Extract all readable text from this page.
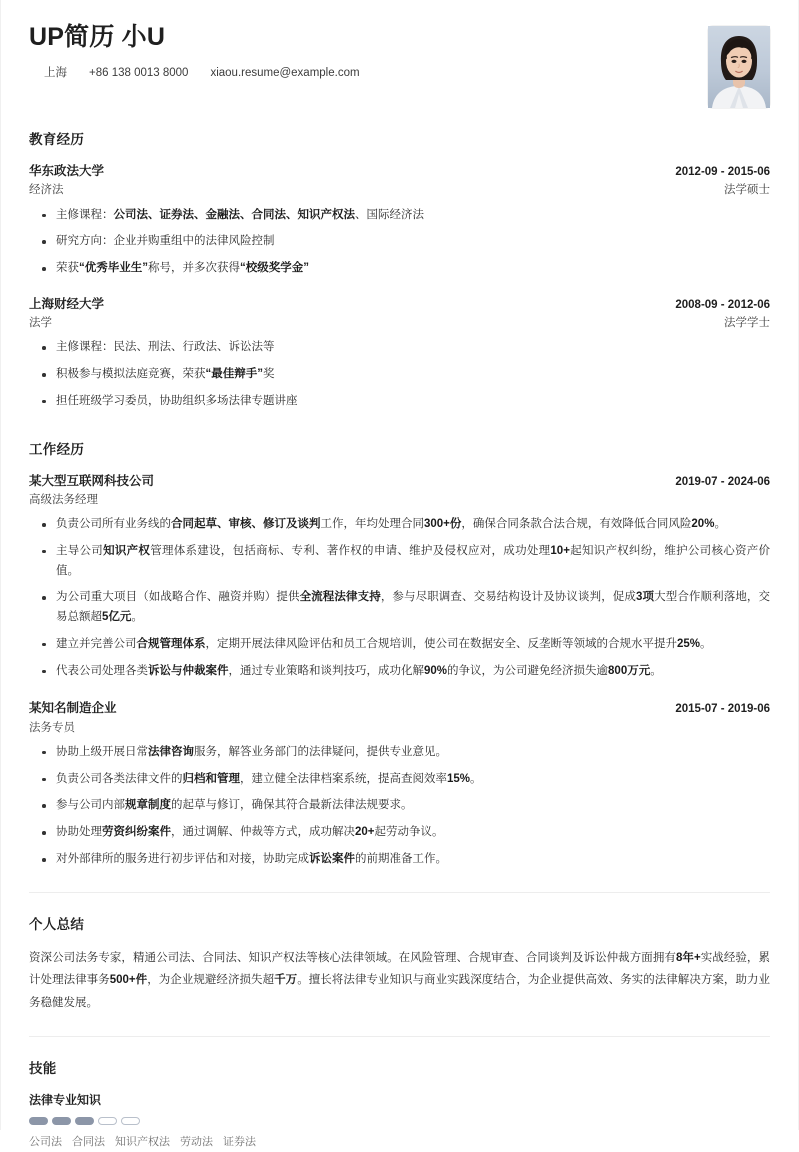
UP简历 小U
上海 +86 138 0013 8000 xiaou.resume@example.com
教育经历
华东政法大学	2012-09 - 2015-06
经济法	法学硕士
主修课程：公司法、证券法、金融法、合同法、知识产权法、国际经济法
研究方向：企业并购重组中的法律风险控制
荣获“优秀毕业生”称号，并多次获得“校级奖学金”
上海财经大学	2008-09 - 2012-06
法学	法学学士
主修课程：民法、刑法、行政法、诉讼法等
积极参与模拟法庭竞赛，荣获“最佳辩手”奖
担任班级学习委员，协助组织多场法律专题讲座
工作经历
某大型互联网科技公司	2019-07 - 2024-06
高级法务经理
负责公司所有业务线的合同起草、审核、修订及谈判工作，年均处理合同300+份，确保合同条款合法合规，有效降低合同风险20%。
主导公司知识产权管理体系建设，包括商标、专利、著作权的申请、维护及侵权应对，成功处理10+起知识产权纠纷，维护公司核心资产价值。
为公司重大项目（如战略合作、融资并购）提供全流程法律支持，参与尽职调查、交易结构设计及协议谈判，促成3项大型合作顺利落地，交易总额超5亿元。
建立并完善公司合规管理体系，定期开展法律风险评估和员工合规培训，使公司在数据安全、反垄断等领域的合规水平提升25%。
代表公司处理各类诉讼与仲裁案件，通过专业策略和谈判技巧，成功化解90%的争议，为公司避免经济损失逾800万元。
某知名制造企业	2015-07 - 2019-06
法务专员
协助上级开展日常法律咨询服务，解答业务部门的法律疑问，提供专业意见。
负责公司各类法律文件的归档和管理，建立健全法律档案系统，提高查阅效率15%。
参与公司内部规章制度的起草与修订，确保其符合最新法律法规要求。
协助处理劳资纠纷案件，通过调解、仲裁等方式，成功解决20+起劳动争议。
对外部律所的服务进行初步评估和对接，协助完成诉讼案件的前期准备工作。
个人总结

资深公司法务专家，精通公司法、合同法、知识产权法等核心法律领域。在风险管理、合规审查、合同谈判及诉讼仲裁方面拥有8年+实战经验，累计处理法律事务500+件，为企业规避经济损失超千万。擅长将法律专业知识与商业实践深度结合，为企业提供高效、务实的法律解决方案，助力业务稳健发展。

技能
法律专业知识
公司法 合同法 知识产权法 劳动法 证券法
